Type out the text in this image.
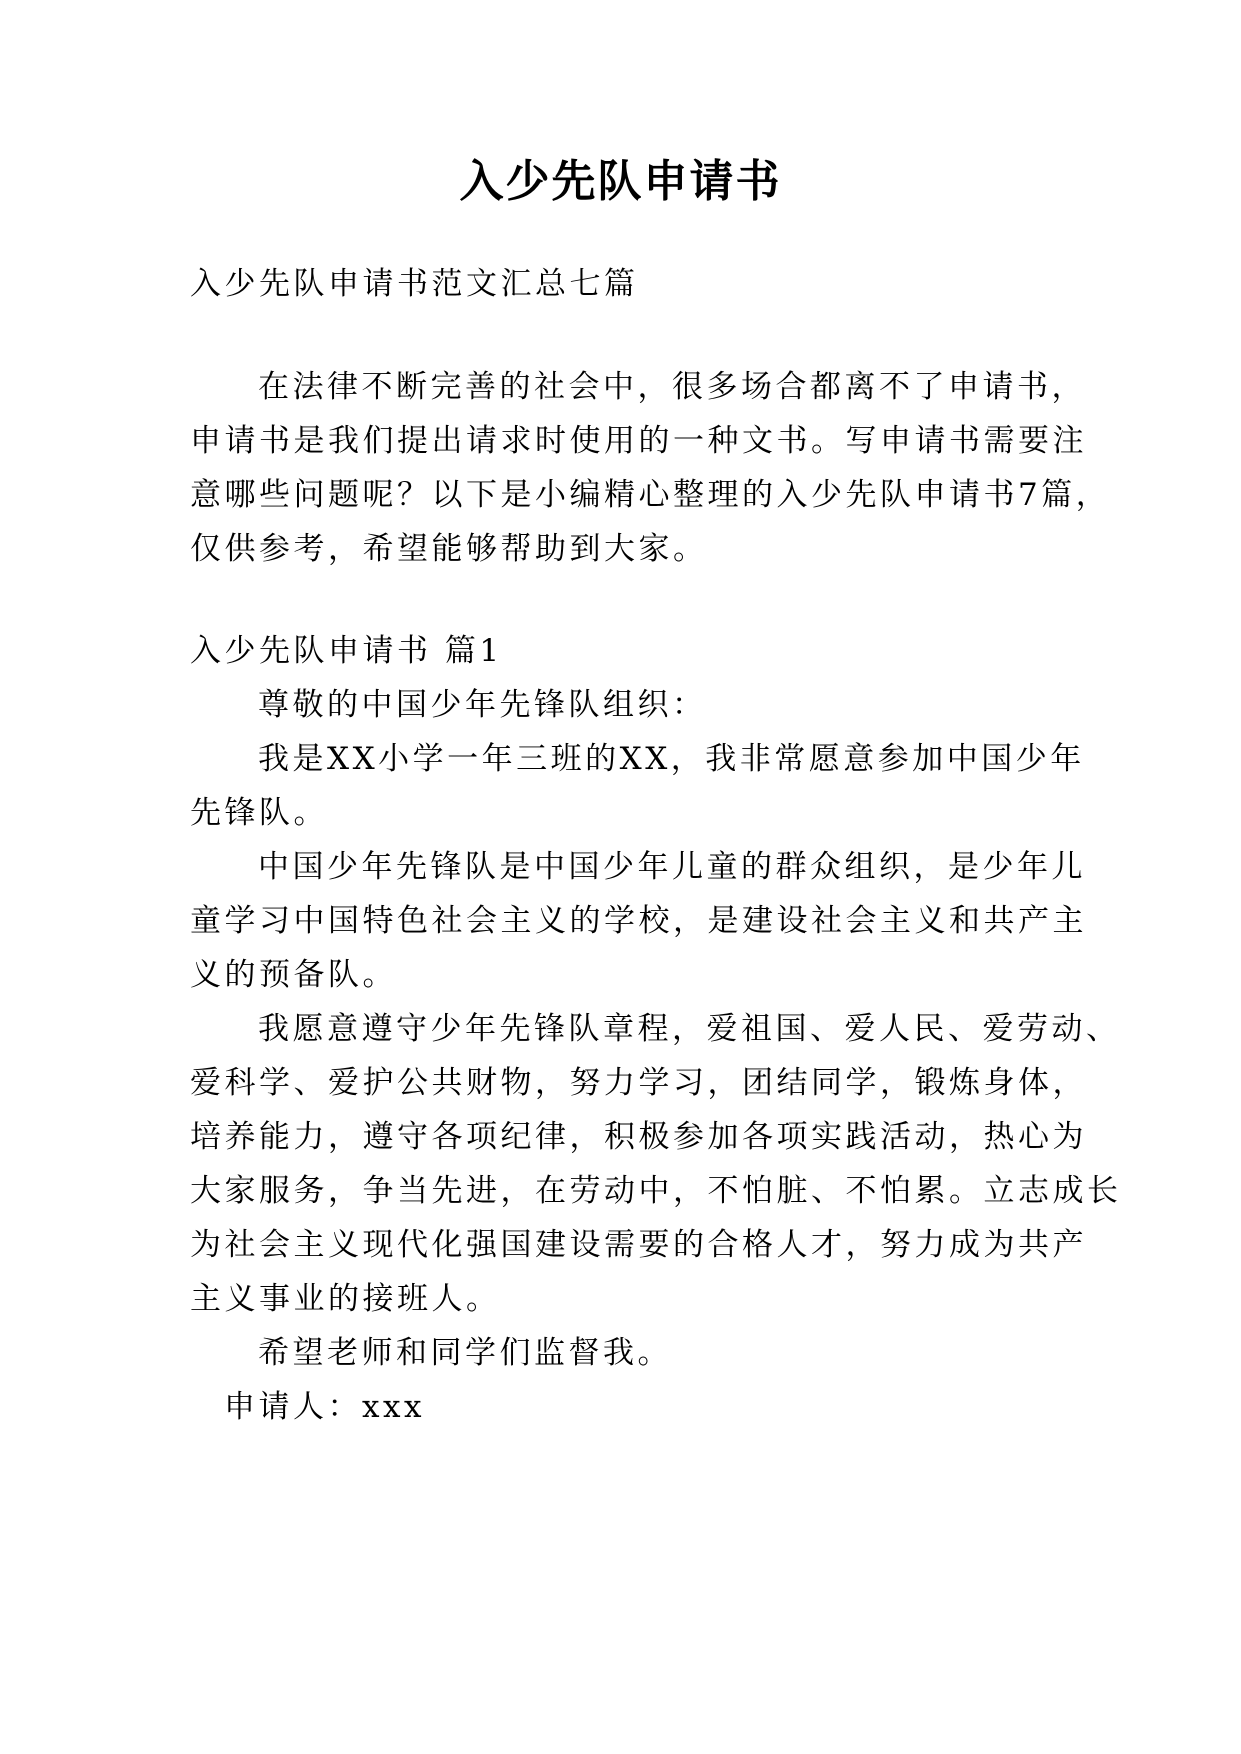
入少先队申请书
入少先队申请书范文汇总七篇
在法律不断完善的社会中，很多场合都离不了申请书，
申请书是我们提出请求时使用的一种文书。写申请书需要注
意哪些问题呢？以下是小编精心整理的入少先队申请书7篇，
仅供参考，希望能够帮助到大家。
入少先队申请书 篇1
尊敬的中国少年先锋队组织：
我是XX小学一年三班的XX，我非常愿意参加中国少年
先锋队。
中国少年先锋队是中国少年儿童的群众组织，是少年儿
童学习中国特色社会主义的学校，是建设社会主义和共产主
义的预备队。
我愿意遵守少年先锋队章程，爱祖国、爱人民、爱劳动、
爱科学、爱护公共财物，努力学习，团结同学，锻炼身体，
培养能力，遵守各项纪律，积极参加各项实践活动，热心为
大家服务，争当先进，在劳动中，不怕脏、不怕累。立志成长
为社会主义现代化强国建设需要的合格人才，努力成为共产
主义事业的接班人。
希望老师和同学们监督我。
申请人：xxx
